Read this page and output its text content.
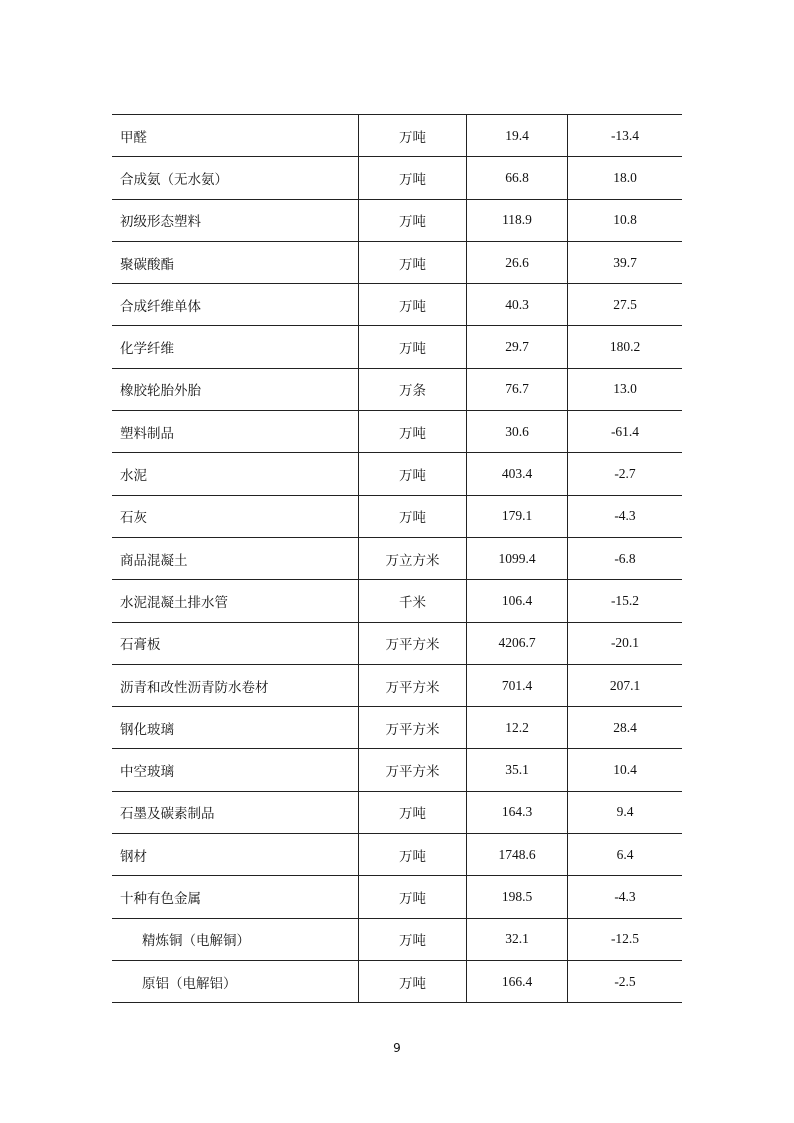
甲醛	万吨	19.4	-13.4
合成氨（无水氨）	万吨	66.8	18.0
初级形态塑料	万吨	118.9	10.8
聚碳酸酯	万吨	26.6	39.7
合成纤维单体	万吨	40.3	27.5
化学纤维	万吨	29.7	180.2
橡胶轮胎外胎	万条	76.7	13.0
塑料制品	万吨	30.6	-61.4
水泥	万吨	403.4	-2.7
石灰	万吨	179.1	-4.3
商品混凝土	万立方米	1099.4	-6.8
水泥混凝土排水管	千米	106.4	-15.2
石膏板	万平方米	4206.7	-20.1
沥青和改性沥青防水卷材	万平方米	701.4	207.1
钢化玻璃	万平方米	12.2	28.4
中空玻璃	万平方米	35.1	10.4
石墨及碳素制品	万吨	164.3	9.4
钢材	万吨	1748.6	6.4
十种有色金属	万吨	198.5	-4.3
精炼铜（电解铜）	万吨	32.1	-12.5
原铝（电解铝）	万吨	166.4	-2.5
9
